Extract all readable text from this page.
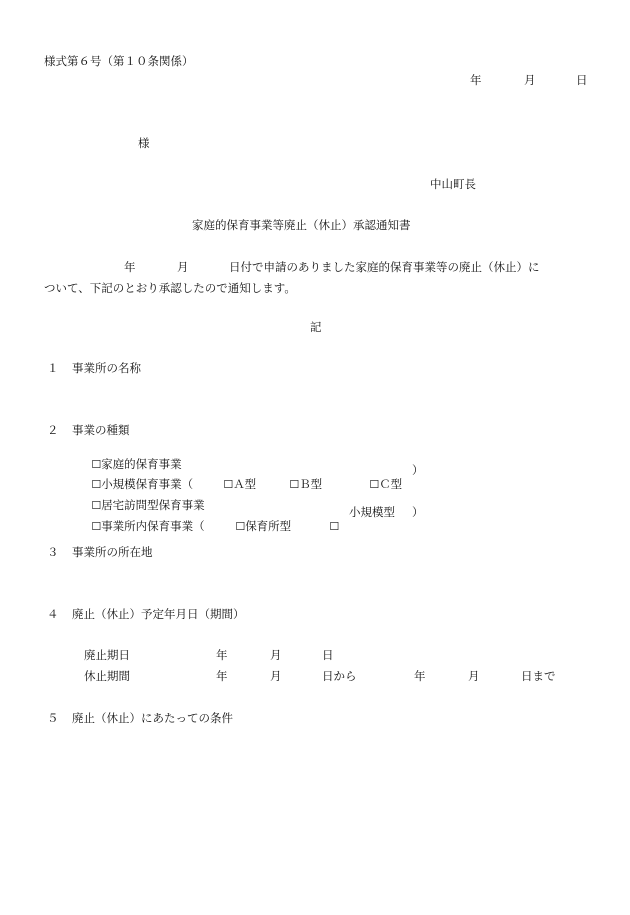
様式第６号（第１０条関係）
年	月	日
様
中山町長
家庭的保育事業等廃止（休止）承認通知書
年	月	日付で申請のありました家庭的保育事業等の廃止（休止）に
ついて、下記のとおり承認したので通知します。
記
１ 事業所の名称
２ 事業の種類

☐家庭的保育事業

☐小規模保育事業（	☐Ａ型	☐Ｂ型	☐Ｃ型

）

☐居宅訪問型保育事業

☐事業所内保育事業（	☐保育所型	☐

小規模型 ）
３ 事業所の所在地
４ 廃止（休止）予定年月日（期間）
廃止期日	年	月	日
休止期間	年	月	日から	年	月	日まで
５ 廃止（休止）にあたっての条件
